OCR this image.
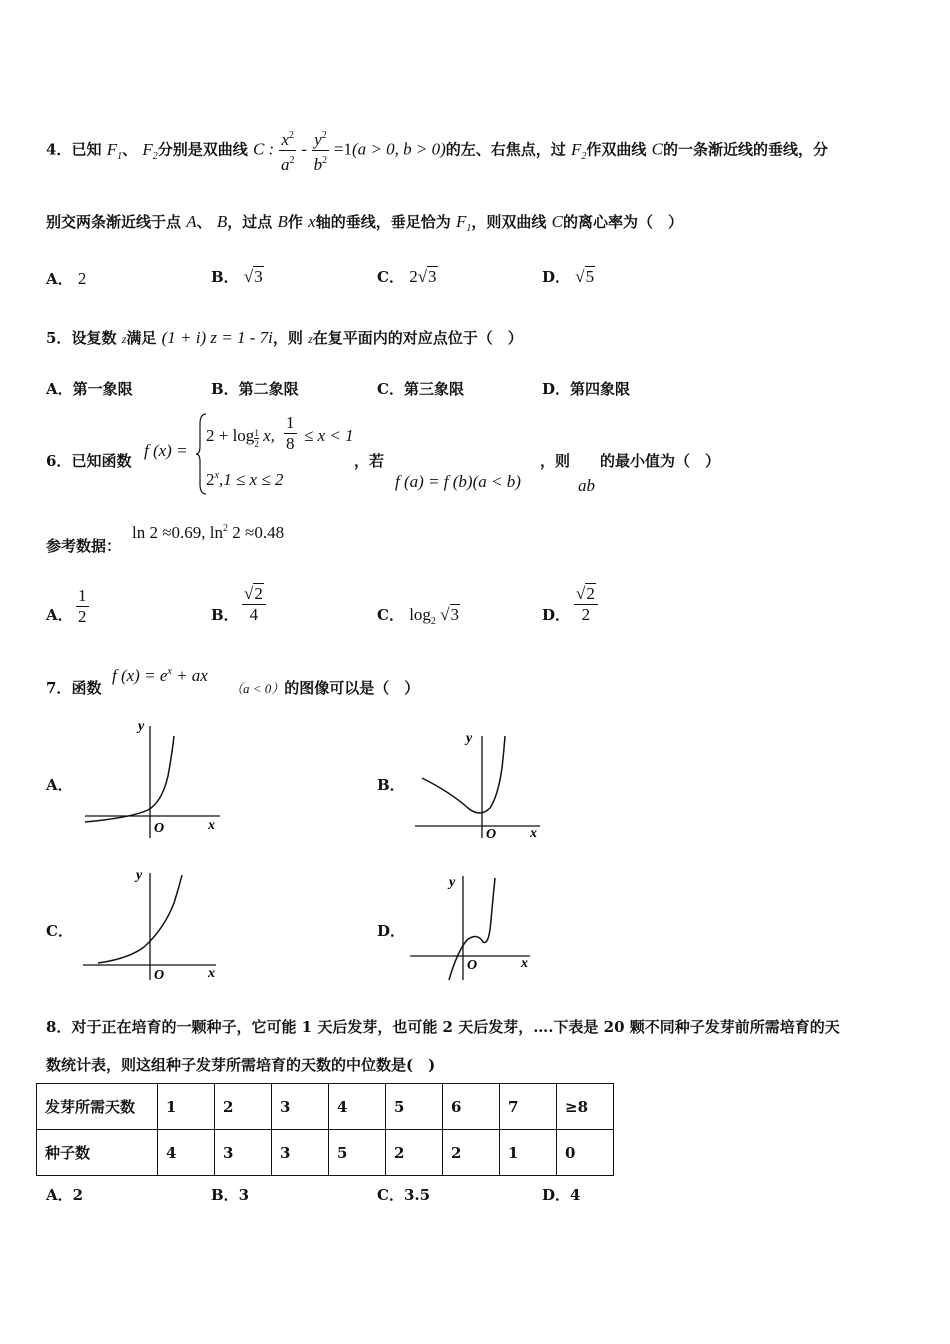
4．已知 $F_1$、 $F_2$分别是双曲线 C : $\frac{x^2}{a^2} - \frac{y^2}{b^2} =1(a > 0$, b > 0)的左、右焦点，过 $F_2$作双曲线 C的一条渐近线的垂线，分
别交两条渐近线于点 A、 B，过点 B作 x轴的垂线，垂足恰为 $F_1$，则双曲线 C的离心率为（　）
A． 2	B． √3	C． 2√3	D． √5
5．设复数 z满足 (1 + i) z = 1 - 7i，则 z在复平面内的对应点位于（　）
A．第一象限	B．第二象限	C．第三象限	D．第四象限
6．已知函数
f (x) =
$2 + \log \frac{1}{2} x$, $\frac{1}{8} \le x < 1$
$2^x,1 \le x \le 2$
，若
f (a) = f (b)(a < b)
，则
ab
的最小值为（　）
参考数据：
ln 2 ≈0.69, $\ln^2 2 \approx 0.48$
A． $\frac{1}{2}$	B． $\frac{√2}{4}$	C． $\log_2 √3$	D． $\frac{√2}{2}$
7．函数
f $(x) = e^x$ + ax
（a < 0）的图像可以是（　）
A．	B．
C．	D．
y
x
O
y
x
O
y
x
O
y
x
O
8．对于正在培育的一颗种子，它可能 1 天后发芽，也可能 2 天后发芽，….下表是 20 颗不同种子发芽前所需培育的天
数统计表，则这组种子发芽所需培育的天数的中位数是(　)
发芽所需天数	1	2	3	4	5	6	7	≥8
种子数	4	3	3	5	2	2	1	0
A．2	B．3	C．3.5	D．4
